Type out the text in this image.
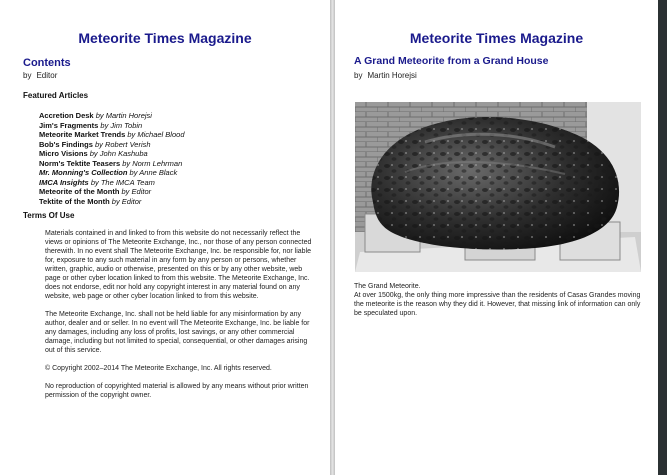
Meteorite Times Magazine
Contents
by Editor
Featured Articles
Accretion Desk by Martin Horejsi
Jim's Fragments by Jim Tobin
Meteorite Market Trends by Michael Blood
Bob's Findings by Robert Verish
Micro Visions by John Kashuba
Norm's Tektite Teasers by Norm Lehrman
Mr. Monning's Collection by Anne Black
IMCA Insights by The IMCA Team
Meteorite of the Month by Editor
Tektite of the Month by Editor
Terms Of Use

Materials contained in and linked to from this website do not necessarily reflect the views or opinions of The Meteorite Exchange, Inc., nor those of any person connected therewith. In no event shall The Meteorite Exchange, Inc. be responsible for, nor liable for, exposure to any such material in any form by any person or persons, whether written, graphic, audio or otherwise, presented on this or by any other website, web page or other cyber location linked to from this website. The Meteorite Exchange, Inc. does not endorse, edit nor hold any copyright interest in any material found on any website, web page or other cyber location linked to from this website.

The Meteorite Exchange, Inc. shall not be held liable for any misinformation by any author, dealer and or seller. In no event will The Meteorite Exchange, Inc. be liable for any damages, including any loss of profits, lost savings, or any other commercial damage, including but not limited to special, consequential, or other damages arising out of this service.

© Copyright 2002–2014 The Meteorite Exchange, Inc. All rights reserved.

No reproduction of copyrighted material is allowed by any means without prior written permission of the copyright owner.

Meteorite Times Magazine
A Grand Meteorite from a Grand House
by Martin Horejsi

The Grand Meteorite.

At over 1500kg, the only thing more impressive than the residents of Casas Grandes moving the meteorite is the reason why they did it. However, that missing link of information can only be speculated upon.
